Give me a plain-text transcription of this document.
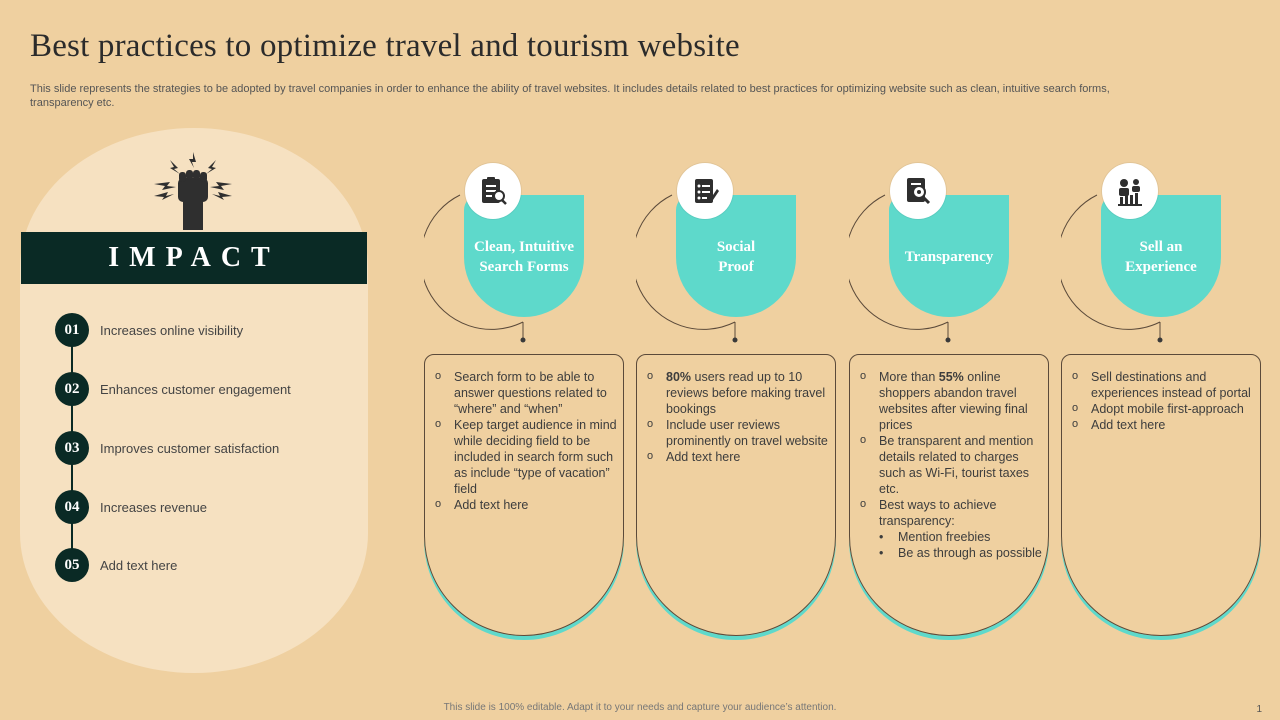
Best practices to optimize travel and tourism website

This slide represents the strategies to be adopted by travel companies in order to enhance the ability of travel websites. It includes details related to best practices for optimizing website such as clean, intuitive search forms, transparency etc.

IMPACT
01	Increases online visibility
02	Enhances customer engagement
03	Improves customer satisfaction
04	Increases revenue
05	Add text here
Clean, Intuitive
Search Forms
o Search form to be able to answer questions related to “where” and “when”
o Keep target audience in mind while deciding field to be included in search form such as include “type of vacation” field
o Add text here
Social
Proof
o 80% users read up to 10 reviews before making travel bookings
o Include user reviews prominently on travel website
o Add text here
Transparency
o More than 55% online shoppers abandon travel websites after viewing final prices
o Be transparent and mention details related to charges such as Wi-Fi, tourist taxes etc.
o Best ways to achieve transparency:
• Mention freebies
• Be as through as possible
Sell an
Experience
o Sell destinations and experiences instead of portal
o Adopt mobile first-approach
o Add text here
This slide is 100% editable. Adapt it to your needs and capture your audience’s attention.	1
